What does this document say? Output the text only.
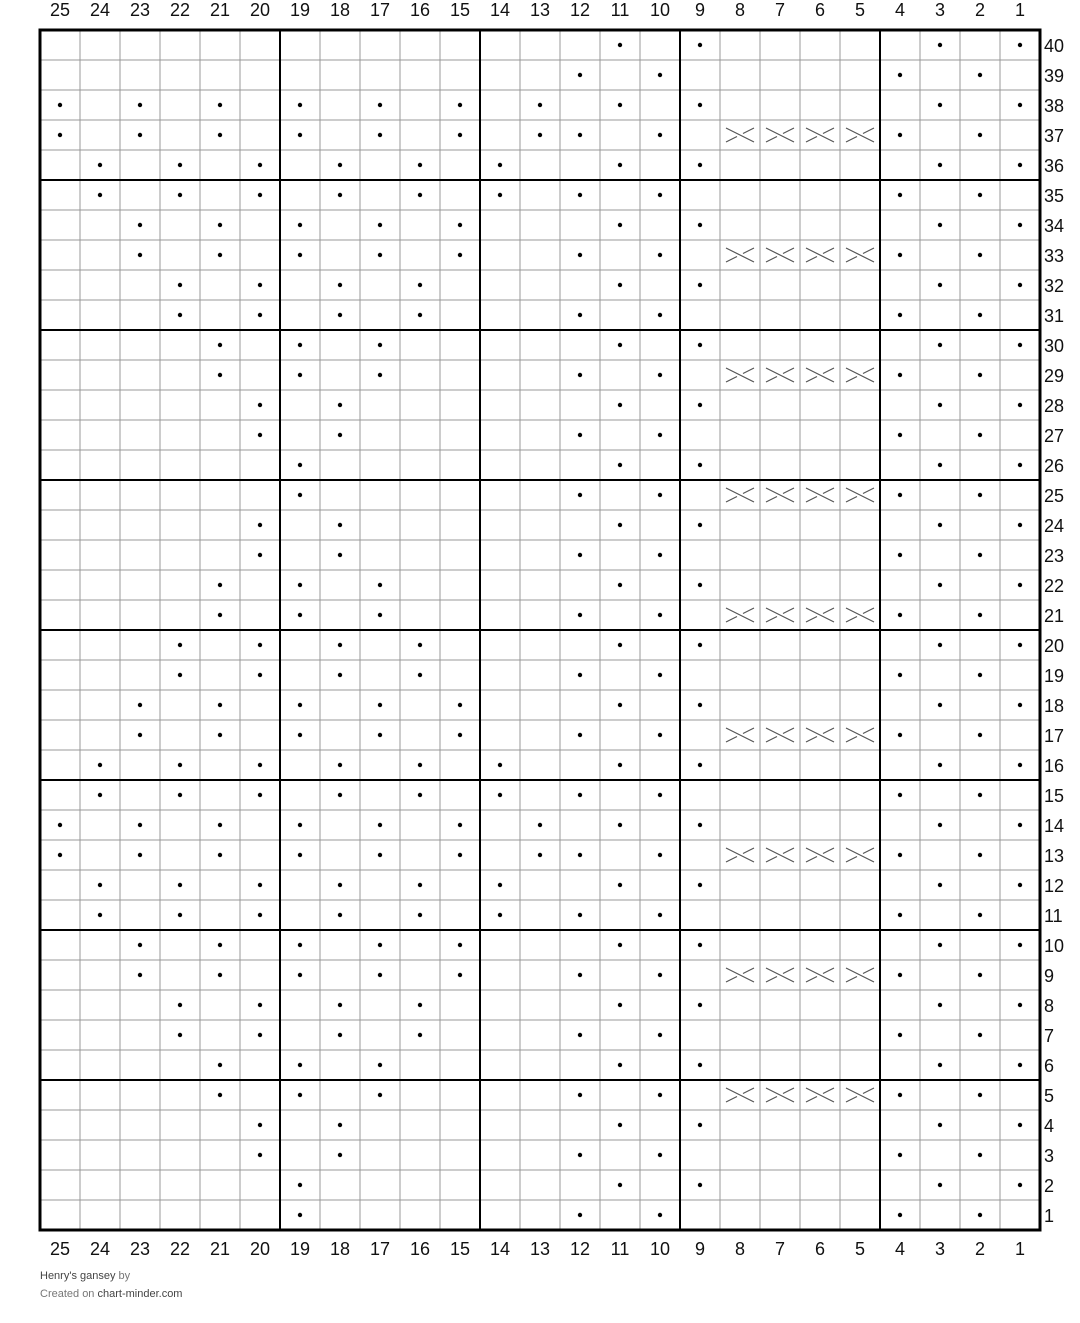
25
25
24
24
23
23
22
22
21
21
20
20
19
19
18
18
17
17
16
16
15
15
14
14
13
13
12
12
11
11
10
10
9
9
8
8
7
7
6
6
5
5
4
4
3
3
2
2
1
1
40
39
38
37
36
35
34
33
32
31
30
29
28
27
26
25
24
23
22
21
20
19
18
17
16
15
14
13
12
11
10
9
8
7
6
5
4
3
2
1
Henry's gansey by
Created on chart-minder.com
